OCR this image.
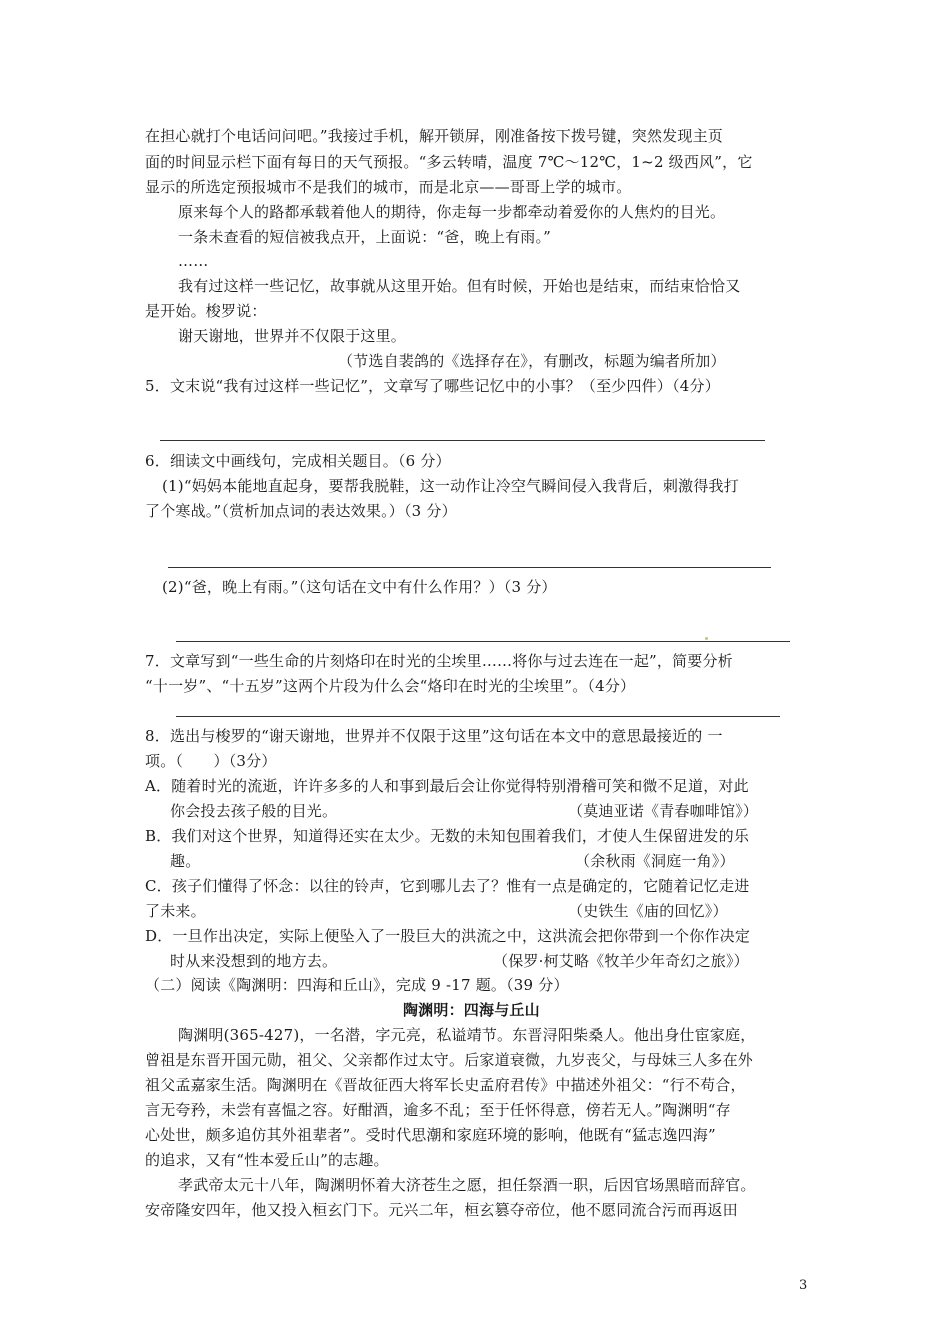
在担心就打个电话问问吧。”我接过手机，解开锁屏，刚准备按下拨号键，突然发现主页
面的时间显示栏下面有每日的天气预报。“多云转晴，温度 7℃～12℃，1~2 级西风”，它
显示的所选定预报城市不是我们的城市，而是北京——哥哥上学的城市。
原来每个人的路都承载着他人的期待，你走每一步都牵动着爱你的人焦灼的目光。
一条未查看的短信被我点开，上面说：“爸，晚上有雨。”
……
我有过这样一些记忆，故事就从这里开始。但有时候，开始也是结束，而结束恰恰又
是开始。梭罗说：
谢天谢地，世界并不仅限于这里。
（节选自裴鸽的《选择存在》，有删改，标题为编者所加）
5．文末说“我有过这样一些记忆”，文章写了哪些记忆中的小事？（至少四件）（4分）
6．细读文中画线句，完成相关题目。（6 分）
(1)“妈妈本能地直起身，要帮我脱鞋，这一动作让冷空气瞬间侵入我背后，刺激得我打
了个寒战。”（赏析加点词的表达效果。）（3 分）
(2)“爸，晚上有雨。”（这句话在文中有什么作用？）（3 分）
7．文章写到“一些生命的片刻烙印在时光的尘埃里……将你与过去连在一起”，简要分析
“十一岁”、“十五岁”这两个片段为什么会“烙印在时光的尘埃里”。（4分）
8．选出与梭罗的“谢天谢地，世界并不仅限于这里”这句话在本文中的意思最接近的 一
项。（　　）（3分）
A．随着时光的流逝，许许多多的人和事到最后会让你觉得特别滑稽可笑和微不足道，对此
你会投去孩子般的目光。	（莫迪亚诺《青春咖啡馆》）
B．我们对这个世界，知道得还实在太少。无数的未知包围着我们，才使人生保留进发的乐
趣。	（余秋雨《洞庭一角》）
C．孩子们懂得了怀念：以往的铃声，它到哪儿去了？惟有一点是确定的，它随着记忆走进
了未来。	（史铁生《庙的回忆》）
D．一旦作出决定，实际上便坠入了一股巨大的洪流之中，这洪流会把你带到一个你作决定
时从来没想到的地方去。	（保罗·柯艾略《牧羊少年奇幻之旅》）
（二）阅读《陶渊明：四海和丘山》，完成 9 -17 题。（39 分）
陶渊明：四海与丘山
陶渊明(365-427)，一名潜，字元亮，私谥靖节。东晋浔阳柴桑人。他出身仕宦家庭，
曾祖是东晋开国元勋，祖父、父亲都作过太守。后家道衰微，九岁丧父，与母妹三人多在外
祖父孟嘉家生活。陶渊明在《晋故征西大将军长史孟府君传》中描述外祖父：“行不苟合，
言无夸矜，未尝有喜愠之容。好酣酒，逾多不乱；至于任怀得意，傍若无人。”陶渊明“存
心处世，颇多追仿其外祖辈者”。受时代思潮和家庭环境的影响，他既有“猛志逸四海”
的追求，又有“性本爱丘山”的志趣。
孝武帝太元十八年，陶渊明怀着大济苍生之愿，担任祭酒一职，后因官场黑暗而辞官。
安帝隆安四年，他又投入桓玄门下。元兴二年，桓玄篡夺帝位，他不愿同流合污而再返田
3
